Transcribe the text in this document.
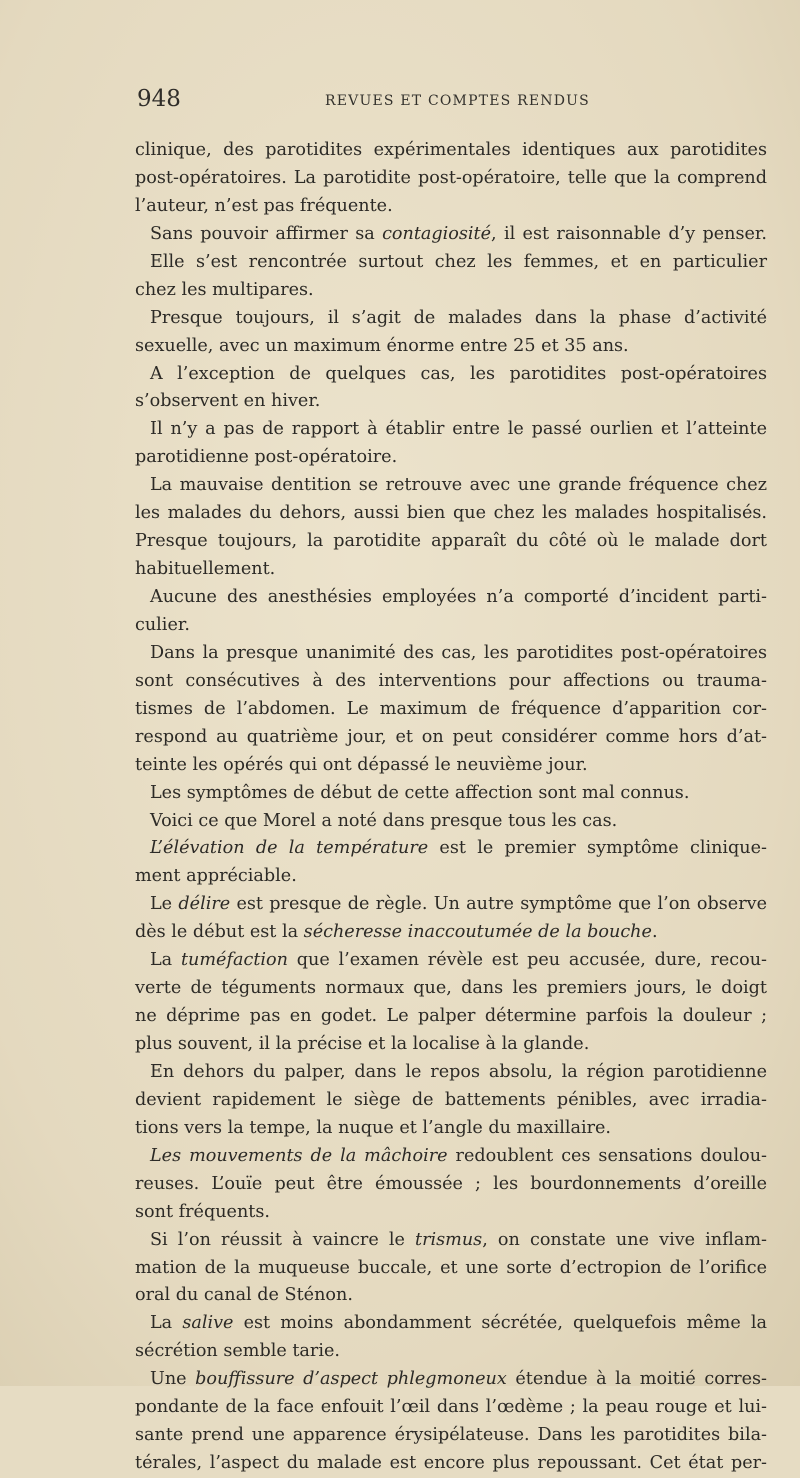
948	REVUES ET COMPTES RENDUS
clinique, des parotidites expérimentales identiques aux parotidites
post-opératoires. La parotidite post-opératoire, telle que la comprend
l’auteur, n’est pas fréquente.
Sans pouvoir affirmer sa contagiosité, il est raisonnable d’y penser.
Elle s’est rencontrée surtout chez les femmes, et en particulier
chez les multipares.
Presque toujours, il s’agit de malades dans la phase d’activité
sexuelle, avec un maximum énorme entre 25 et 35 ans.
A l’exception de quelques cas, les parotidites post-opératoires
s’observent en hiver.
Il n’y a pas de rapport à établir entre le passé ourlien et l’atteinte
parotidienne post-opératoire.
La mauvaise dentition se retrouve avec une grande fréquence chez
les malades du dehors, aussi bien que chez les malades hospitalisés.
Presque toujours, la parotidite apparaît du côté où le malade dort
habituellement.
Aucune des anesthésies employées n’a comporté d’incident parti-
culier.
Dans la presque unanimité des cas, les parotidites post-opératoires
sont consécutives à des interventions pour affections ou trauma-
tismes de l’abdomen. Le maximum de fréquence d’apparition cor-
respond au quatrième jour, et on peut considérer comme hors d’at-
teinte les opérés qui ont dépassé le neuvième jour.
Les symptômes de début de cette affection sont mal connus.
Voici ce que Morel a noté dans presque tous les cas.
L’élévation de la température est le premier symptôme clinique-
ment appréciable.
Le délire est presque de règle. Un autre symptôme que l’on observe
dès le début est la sécheresse inaccoutumée de la bouche.
La tuméfaction que l’examen révèle est peu accusée, dure, recou-
verte de téguments normaux que, dans les premiers jours, le doigt
ne déprime pas en godet. Le palper détermine parfois la douleur ;
plus souvent, il la précise et la localise à la glande.
En dehors du palper, dans le repos absolu, la région parotidienne
devient rapidement le siège de battements pénibles, avec irradia-
tions vers la tempe, la nuque et l’angle du maxillaire.
Les mouvements de la mâchoire redoublent ces sensations doulou-
reuses. L’ouïe peut être émoussée ; les bourdonnements d’oreille
sont fréquents.
Si l’on réussit à vaincre le trismus, on constate une vive inflam-
mation de la muqueuse buccale, et une sorte d’ectropion de l’orifice
oral du canal de Sténon.
La salive est moins abondamment sécrétée, quelquefois même la
sécrétion semble tarie.
Une bouffissure d’aspect phlegmoneux étendue à la moitié corres-
pondante de la face enfouit l’œil dans l’œdème ; la peau rouge et lui-
sante prend une apparence érysipélateuse. Dans les parotidites bila-
térales, l’aspect du malade est encore plus repoussant. Cet état per-
